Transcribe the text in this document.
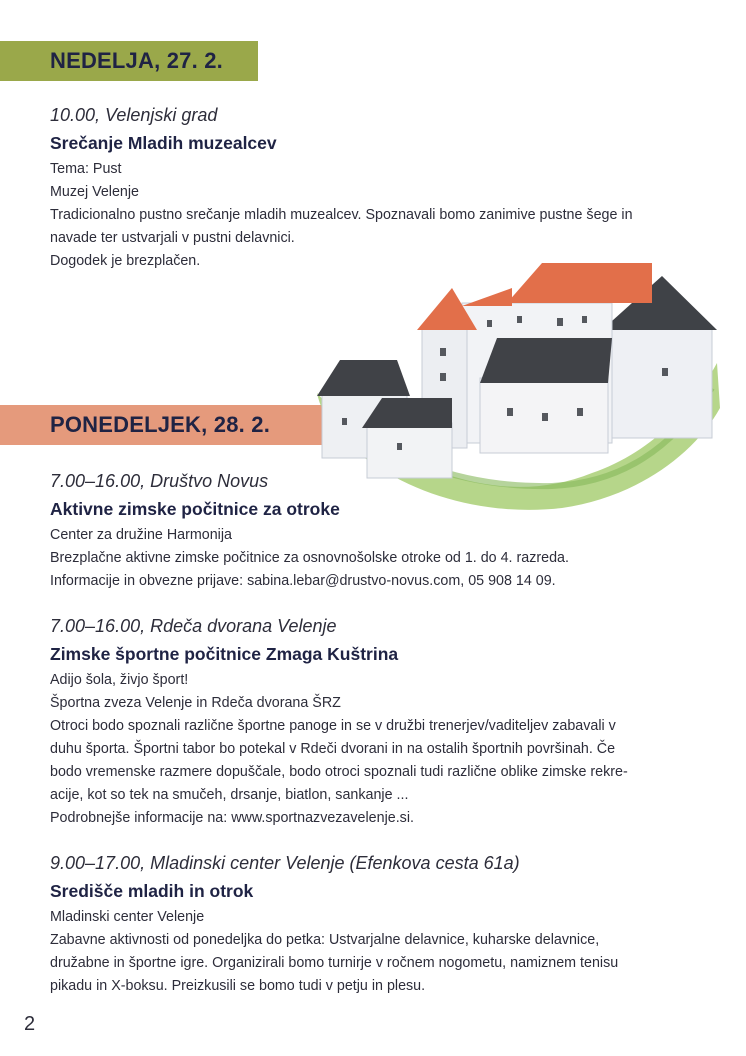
NEDELJA, 27. 2.

10.00, Velenjski grad

Srečanje Mladih muzealcev

Tema: Pust

Muzej Velenje

Tradicionalno pustno srečanje mladih muzealcev. Spoznavali bomo zanimive pustne šege in

navade ter ustvarjali v pustni delavnici.

Dogodek je brezplačen.

PONEDELJEK, 28. 2.

7.00–16.00, Društvo Novus

Aktivne zimske počitnice za otroke

Center za družine Harmonija

Brezplačne aktivne zimske počitnice za osnovnošolske otroke od 1. do 4. razreda.

Informacije in obvezne prijave: sabina.lebar@drustvo-novus.com, 05 908 14 09.

7.00–16.00, Rdeča dvorana Velenje

Zimske športne počitnice Zmaga Kuštrina

Adijo šola, živjo šport!

Športna zveza Velenje in Rdeča dvorana ŠRZ

Otroci bodo spoznali različne športne panoge in se v družbi trenerjev/vaditeljev zabavali v

duhu športa. Športni tabor bo potekal v Rdeči dvorani in na ostalih športnih površinah. Če

bodo vremenske razmere dopuščale, bodo otroci spoznali tudi različne oblike zimske rekre-

acije, kot so tek na smučeh, drsanje, biatlon, sankanje ...

Podrobnejše informacije na: www.sportnazvezavelenje.si.

9.00–17.00, Mladinski center Velenje (Efenkova cesta 61a)

Središče mladih in otrok

Mladinski center Velenje

Zabavne aktivnosti od ponedeljka do petka: Ustvarjalne delavnice, kuharske delavnice,

družabne in športne igre. Organizirali bomo turnirje v ročnem nogometu, namiznem tenisu

pikadu in X-boksu. Preizkusili se bomo tudi v petju in plesu.

2
